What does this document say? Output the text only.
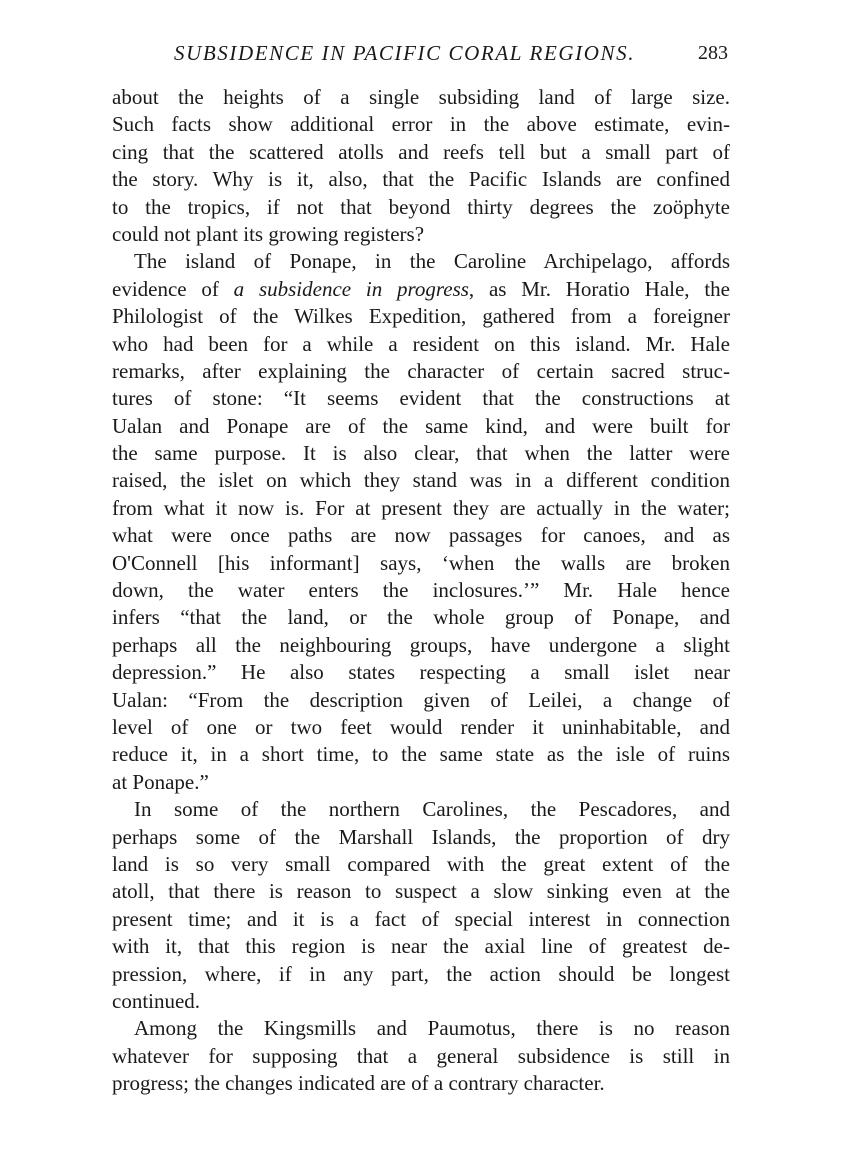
SUBSIDENCE IN PACIFIC CORAL REGIONS.	283

about the heights of a single subsiding land of large size.
Such facts show additional error in the above estimate, evin-
cing that the scattered atolls and reefs tell but a small part of
the story. Why is it, also, that the Pacific Islands are confined
to the tropics, if not that beyond thirty degrees the zoöphyte
could not plant its growing registers?

The island of Ponape, in the Caroline Archipelago, affords
evidence of a subsidence in progress, as Mr. Horatio Hale, the
Philologist of the Wilkes Expedition, gathered from a foreigner
who had been for a while a resident on this island. Mr. Hale
remarks, after explaining the character of certain sacred struc-
tures of stone: “It seems evident that the constructions at
Ualan and Ponape are of the same kind, and were built for
the same purpose. It is also clear, that when the latter were
raised, the islet on which they stand was in a different condition
from what it now is. For at present they are actually in the water;
what were once paths are now passages for canoes, and as
O'Connell [his informant] says, ‘when the walls are broken
down, the water enters the inclosures.’” Mr. Hale hence
infers “that the land, or the whole group of Ponape, and
perhaps all the neighbouring groups, have undergone a slight
depression.” He also states respecting a small islet near
Ualan: “From the description given of Leilei, a change of
level of one or two feet would render it uninhabitable, and
reduce it, in a short time, to the same state as the isle of ruins
at Ponape.”

In some of the northern Carolines, the Pescadores, and
perhaps some of the Marshall Islands, the proportion of dry
land is so very small compared with the great extent of the
atoll, that there is reason to suspect a slow sinking even at the
present time; and it is a fact of special interest in connection
with it, that this region is near the axial line of greatest de-
pression, where, if in any part, the action should be longest
continued.

Among the Kingsmills and Paumotus, there is no reason
whatever for supposing that a general subsidence is still in
progress; the changes indicated are of a contrary character.
